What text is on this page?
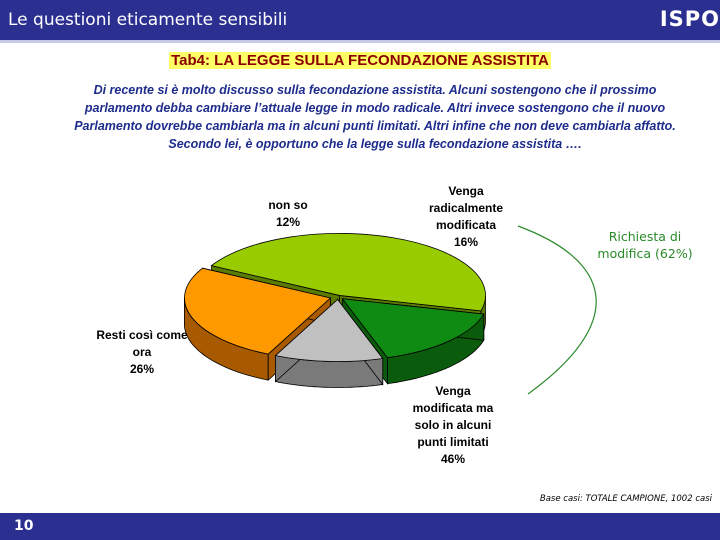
Le questioni eticamente sensibili	ISPO
Tab4: LA LEGGE SULLA FECONDAZIONE ASSISTITA
Di recente si è molto discusso sulla fecondazione assistita. Alcuni sostengono che il prossimo
parlamento debba cambiare l’attuale legge in modo radicale. Altri invece sostengono che il nuovo
Parlamento dovrebbe cambiarla ma in alcuni punti limitati. Altri infine che non deve cambiarla affatto.
Secondo lei, è opportuno che la legge sulla fecondazione assistita ….
Venga
radicalmente
modificata
16%
Venga
modificata ma
solo in alcuni
punti limitati
46%
Resti così come
ora
26%
non so
12%
Richiesta di
modifica (62%)
Base casi: TOTALE CAMPIONE, 1002 casi
10
